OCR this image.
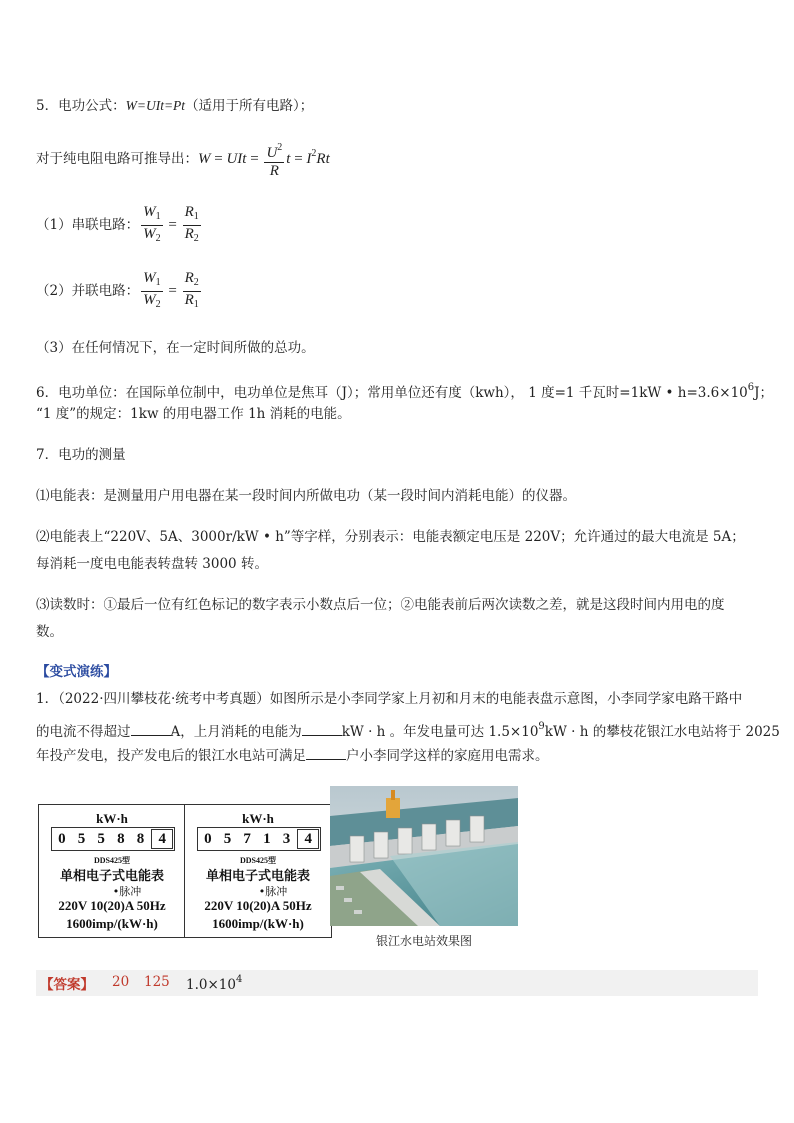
5．电功公式：W=UIt=Pt（适用于所有电路）；
对于纯电阻电路可推导出： W = UIt = $\frac{U^2}{R}$ $t = I^2Rt$
（1）串联电路： $\frac{W_1}{W_2} = \frac{R_1}{R_2}$
（2）并联电路： $\frac{W_1}{W_2} = \frac{R_2}{R_1}$
（3）在任何情况下，在一定时间所做的总功。
6．电功单位：在国际单位制中，电功单位是焦耳（J）；常用单位还有度（kwh）， 1 度=1 千瓦时=1kW • $h=3.6\times 10^6J$；
“1 度”的规定：1kw 的用电器工作 1h 消耗的电能。
7．电功的测量
⑴电能表：是测量用户用电器在某一段时间内所做电功（某一段时间内消耗电能）的仪器。
⑵电能表上“220V、5A、3000r/kW • h”等字样，分别表示：电能表额定电压是 220V；允许通过的最大电流是 5A；
每消耗一度电电能表转盘转 3000 转。
⑶读数时：①最后一位有红色标记的数字表示小数点后一位；②电能表前后两次读数之差，就是这段时间内用电的度
数。
【变式演练】
1．（2022·四川攀枝花·统考中考真题）如图所示是小李同学家上月初和月末的电能表盘示意图，小李同学家电路干路中
的电流不得超过	A，上月消耗的电能为	kW · h 。年发电量可达 $1.5\times 10^9kW \cdot h$ 的攀枝花银江水电站将于 2025
年投产发电，投产发电后的银江水电站可满足	户小李同学这样的家庭用电需求。
kW·h
0 5 5 8 8 4
DDS425型
单相电子式电能表
•脉冲
220V 10(20)A 50Hz
1600imp/(kW·h)
kW·h
0 5 7 1 3 4
DDS425型
单相电子式电能表
•脉冲
220V 10(20)A 50Hz
1600imp/(kW·h)
银江水电站效果图
【答案】 20 125 $1.0\times 10^4$
